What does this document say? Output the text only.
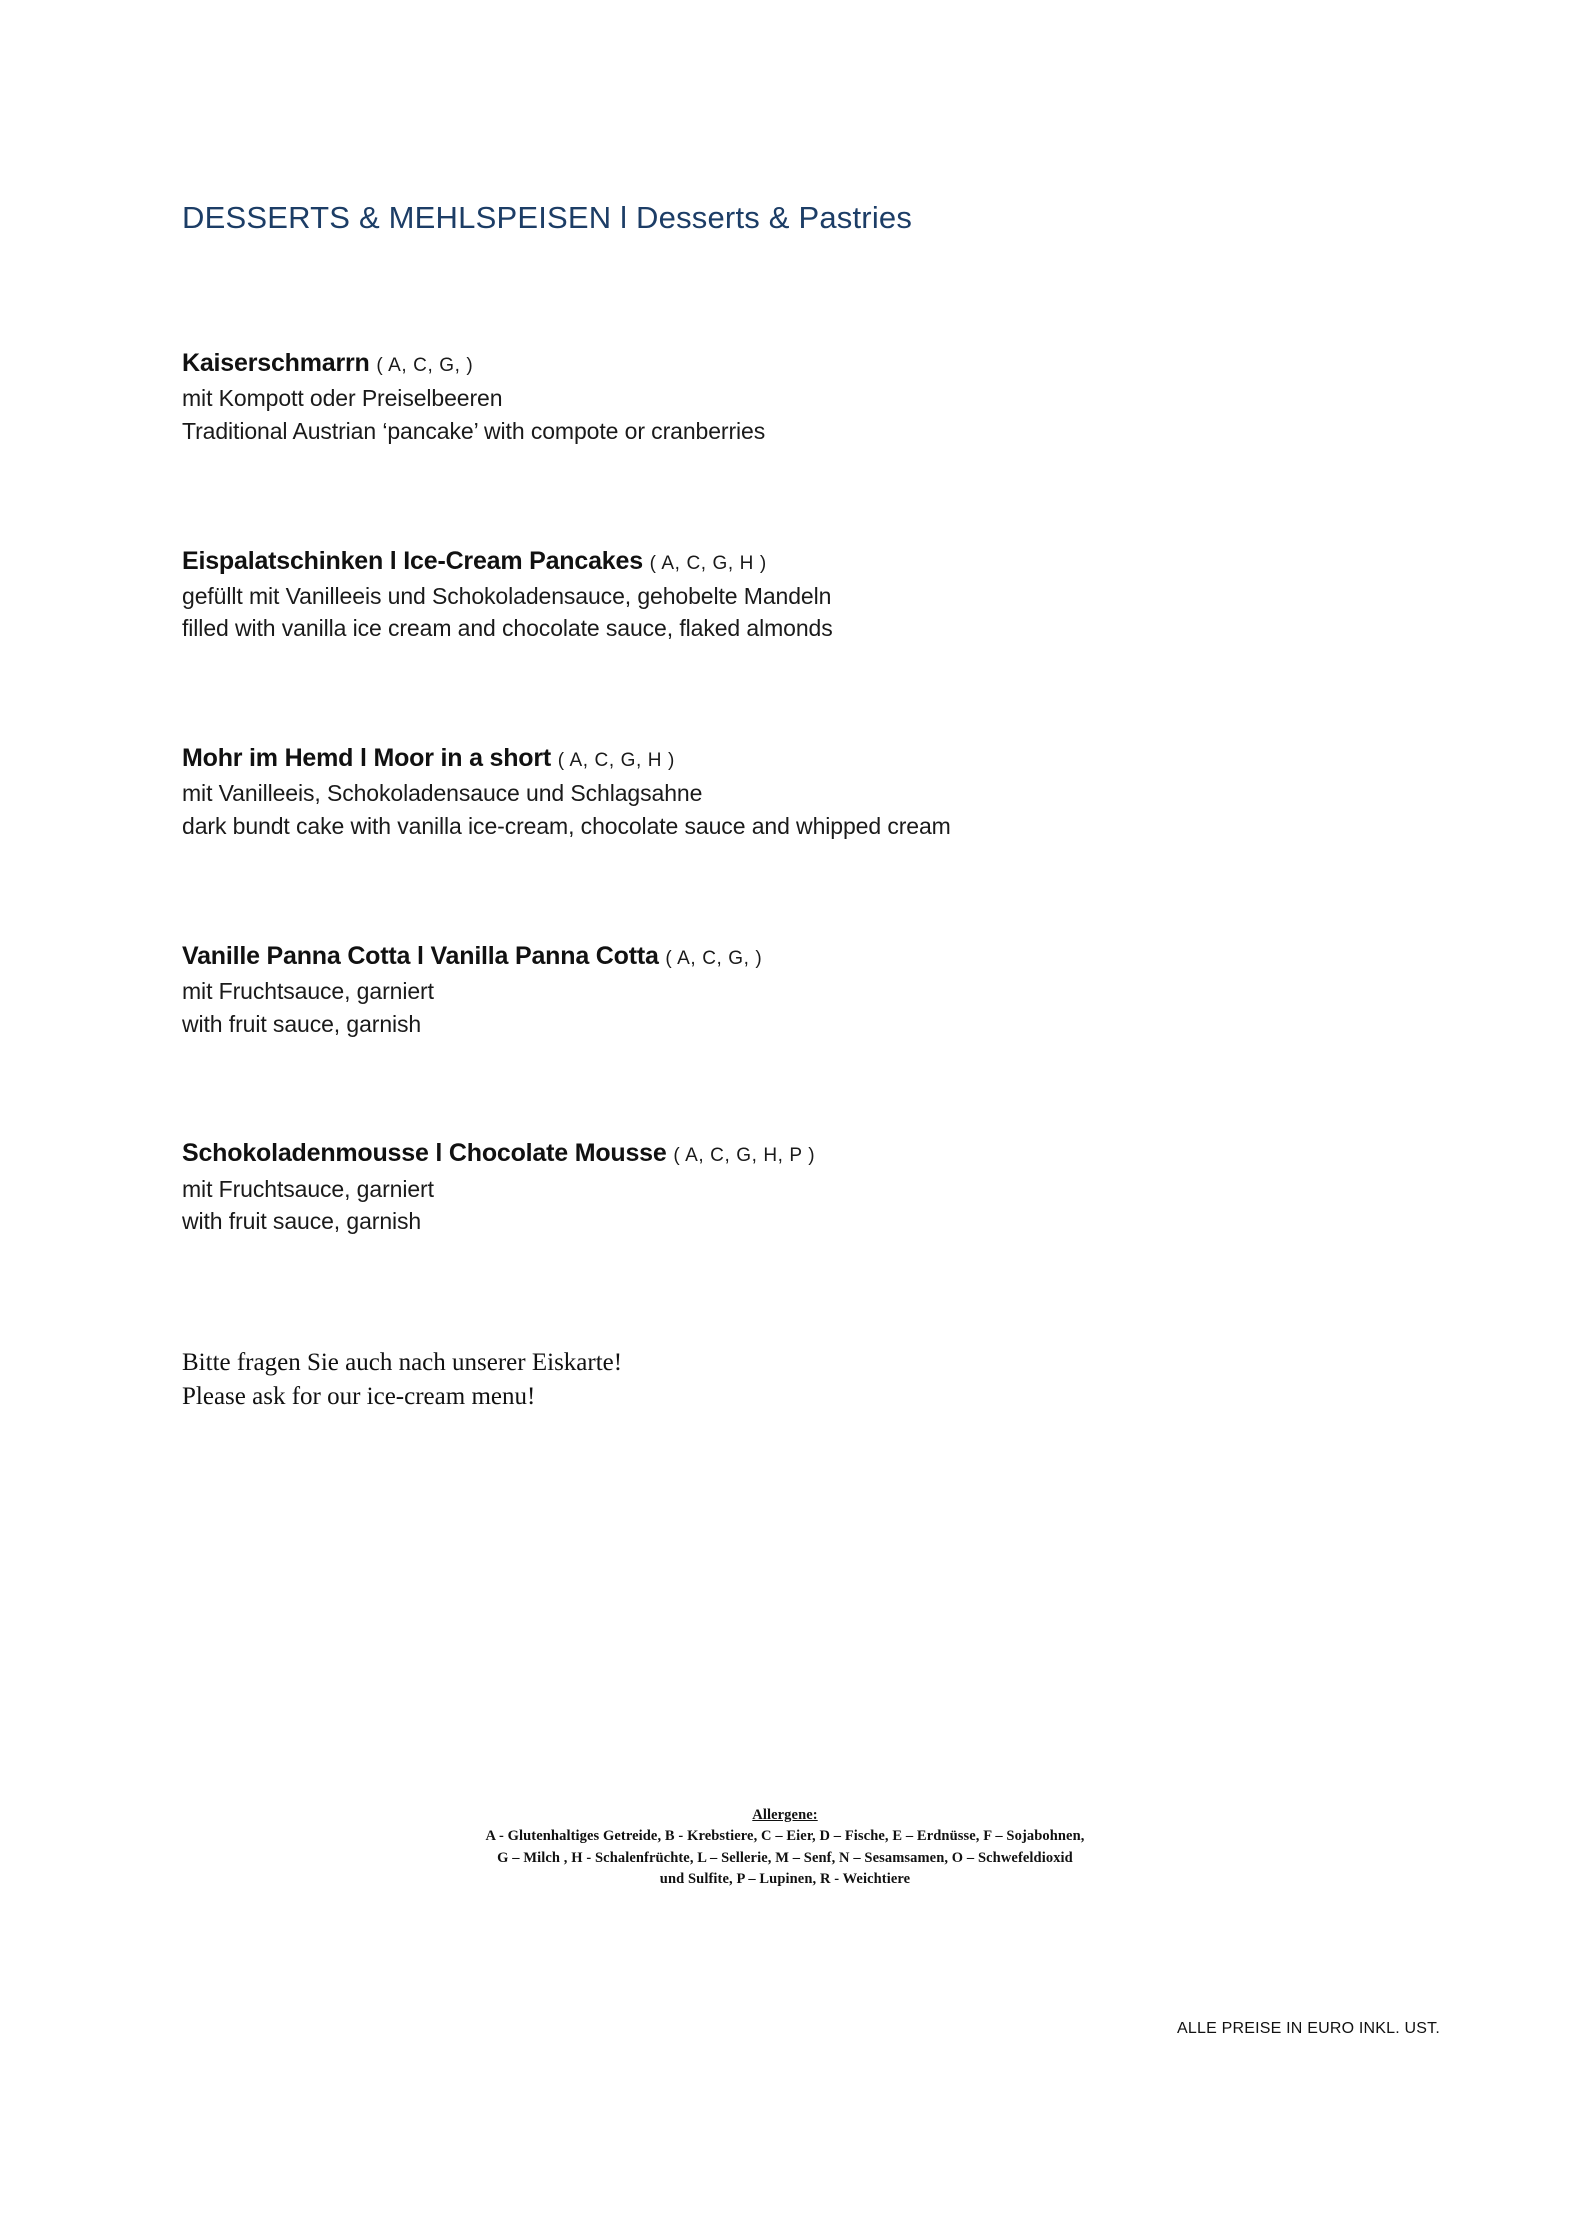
DESSERTS & MEHLSPEISEN l Desserts & Pastries
Kaiserschmarrn ( A, C, G, )
mit Kompott oder Preiselbeeren
Traditional Austrian ‘pancake’ with compote or cranberries
Eispalatschinken l Ice-Cream Pancakes ( A, C, G, H )
gefüllt mit Vanilleeis und Schokoladensauce, gehobelte Mandeln
filled with vanilla ice cream and chocolate sauce, flaked almonds
Mohr im Hemd l Moor in a short ( A, C, G, H )
mit Vanilleeis, Schokoladensauce und Schlagsahne
dark bundt cake with vanilla ice-cream, chocolate sauce and whipped cream
Vanille Panna Cotta l Vanilla Panna Cotta ( A, C, G, )
mit Fruchtsauce, garniert
with fruit sauce, garnish
Schokoladenmousse l Chocolate Mousse ( A, C, G, H, P )
mit Fruchtsauce, garniert
with fruit sauce, garnish
Bitte fragen Sie auch nach unserer Eiskarte!
Please ask for our ice-cream menu!
Allergene:
A - Glutenhaltiges Getreide, B - Krebstiere, C – Eier, D – Fische, E – Erdnüsse, F – Sojabohnen,
G – Milch , H - Schalenfrüchte, L – Sellerie, M – Senf, N – Sesamsamen, O – Schwefeldioxid
und Sulfite, P – Lupinen, R - Weichtiere
ALLE PREISE IN EURO INKL. UST.
